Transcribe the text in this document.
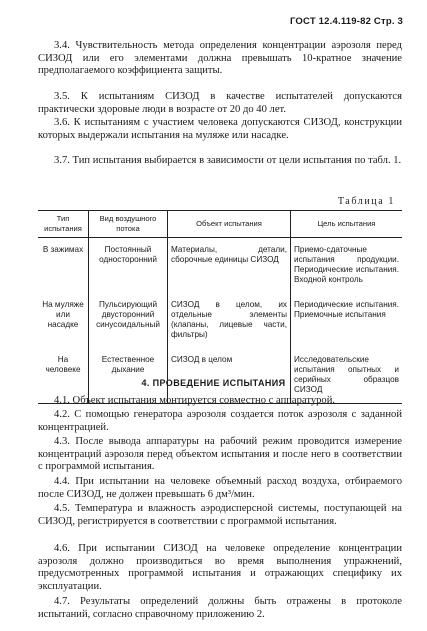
ГОСТ 12.4.119-82 Стр. 3

3.4. Чувствительность метода определения концентрации аэрозоля перед СИЗОД или его элементами должна превышать 10-кратное значение предполагаемого коэффициента защиты.

3.5. К испытаниям СИЗОД в качестве испытателей допускаются практически здоровые люди в возрасте от 20 до 40 лет.

3.6. К испытаниям с участием человека допускаются СИЗОД, конструкции которых выдержали испытания на муляже или насадке.

3.7. Тип испытания выбирается в зависимости от цели испытания по табл. 1.

Таблица 1
Тип испытания	Вид воздушного потока	Объект испытания	Цель испытания
В зажимах	Постоянный односторонний	Материалы, детали, сборочные единицы СИЗОД	Приемо-сдаточные испытания продукции. Периодические испытания. Входной контроль
На муляже или насадке	Пульсирующий двусторонний синусоидальный	СИЗОД в целом, их отдельные элементы (клапаны, лицевые части, фильтры)	Периодические испытания. Приемочные испытания
На человеке	Естественное дыхание	СИЗОД в целом	Исследовательские испытания опытных и серийных образцов СИЗОД
4. ПРОВЕДЕНИЕ ИСПЫТАНИЯ

4.1. Объект испытания монтируется совместно с аппаратурой.

4.2. С помощью генератора аэрозоля создается поток аэрозоля с заданной концентрацией.

4.3. После вывода аппаратуры на рабочий режим проводится измерение концентраций аэрозоля перед объектом испытания и после него в соответствии с программой испытания.

4.4. При испытании на человеке объемный расход воздуха, отбираемого после СИЗОД, не должен превышать 6 дм³/мин.

4.5. Температура и влажность аэродисперсной системы, поступающей на СИЗОД, регистрируется в соответствии с программой испытания.

4.6. При испытании СИЗОД на человеке определение концентрации аэрозоля должно производиться во время выполнения упражнений, предусмотренных программой испытания и отражающих специфику их эксплуатации.

4.7. Результаты определений должны быть отражены в протоколе испытаний, согласно справочному приложению 2.
